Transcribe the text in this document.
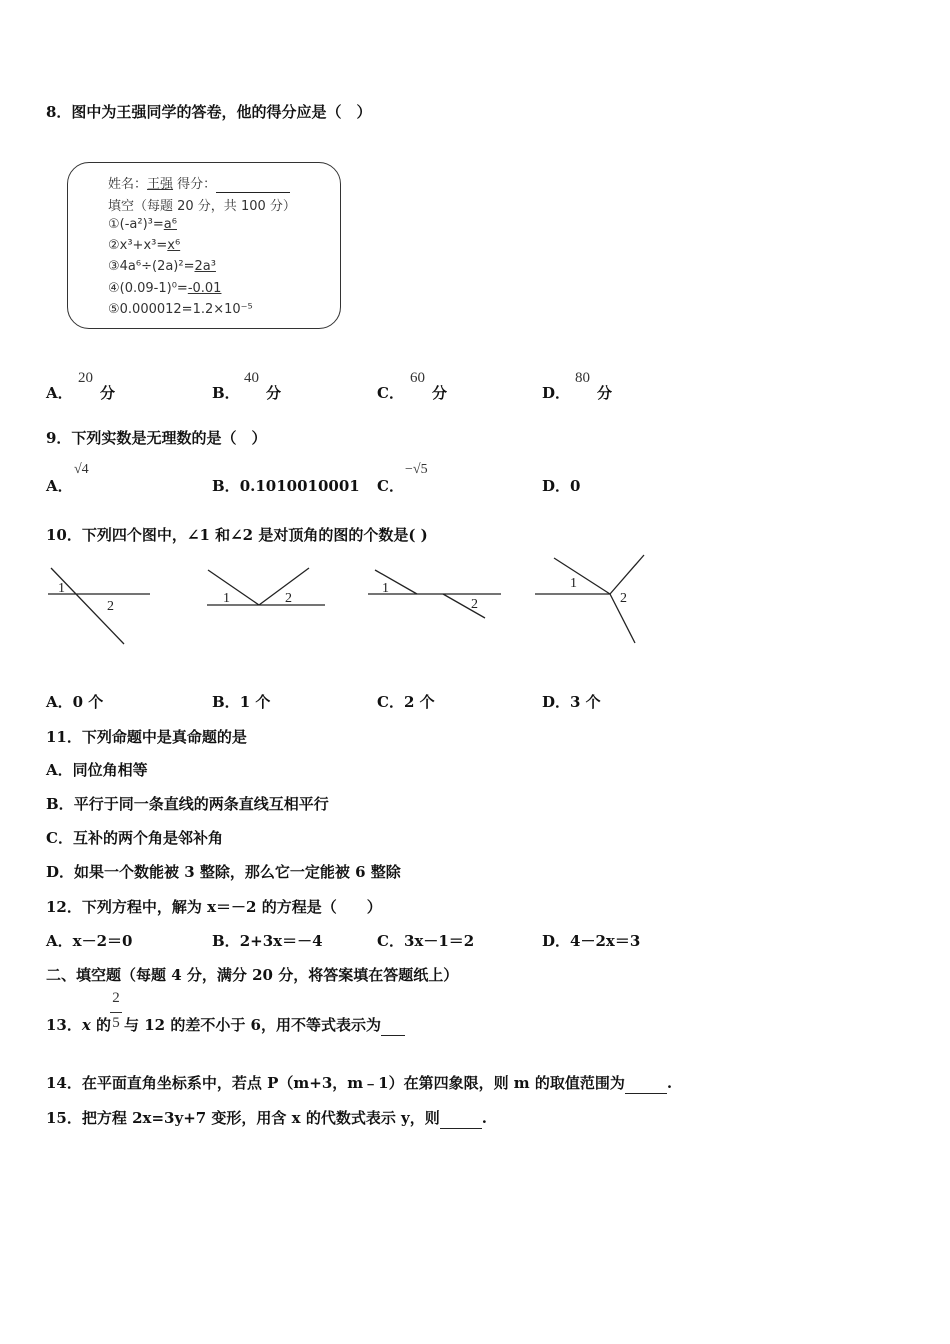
8．图中为王强同学的答卷，他的得分应是（　）
姓名：王强 得分：
填空（每题 20 分，共 100 分）
①(-a²)³=a⁶
②x³+x³=x⁶
③4a⁶÷(2a)²=2a³
④(0.09-1)⁰=-0.01
⑤0.000012=1.2×10⁻⁵
A．
20
分	B．
40
分	C．
60
分	D．
80
分
9．下列实数是无理数的是（　）
A．
√4
B．0.1010010001 C．
−√5
D．0
10．下列四个图中，∠1 和∠2 是对顶角的图的个数是( )
1
2
1	2
1
2
1
2
A．0 个	B．1 个	C．2 个	D．3 个
11．下列命题中是真命题的是
A．同位角相等
B．平行于同一条直线的两条直线互相平行
C．互补的两个角是邻补角
D．如果一个数能被 3 整除，那么它一定能被 6 整除
12．下列方程中，解为 x＝－2 的方程是（　　）
A．x－2＝0	B．2+3x＝－4	C．3x－1＝2	D．4－2x＝3
二、填空题（每题 4 分，满分 20 分，将答案填在答题纸上）
13．x 的
2
5 与 12 的差不小于 6，用不等式表示为
14．在平面直角坐标系中，若点 P（m+3，m﹣1）在第四象限，则 m 的取值范围为	.
15．把方程 2x=3y+7 变形，用含 x 的代数式表示 y，则	.
